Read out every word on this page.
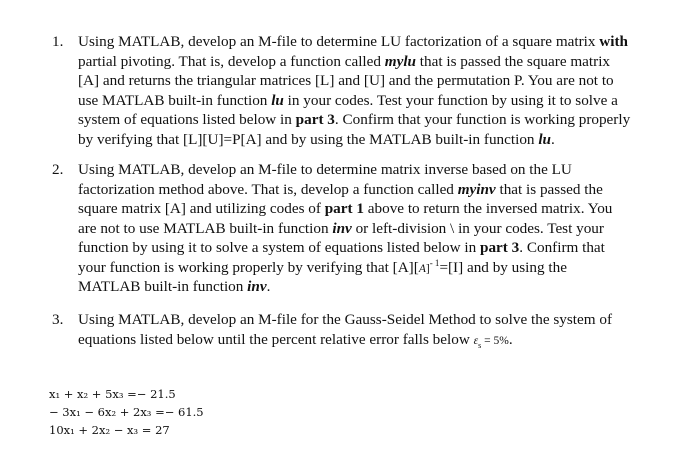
1. Using MATLAB, develop an M-file to determine LU factorization of a square matrix with
partial pivoting. That is, develop a function called mylu that is passed the square matrix
[A] and returns the triangular matrices [L] and [U] and the permutation P. You are not to
use MATLAB built-in function lu in your codes. Test your function by using it to solve a
system of equations listed below in part 3. Confirm that your function is working properly
by verifying that [L][U]=P[A] and by using the MATLAB built-in function lu.
2. Using MATLAB, develop an M-file to determine matrix inverse based on the LU
factorization method above. That is, develop a function called myinv that is passed the
square matrix [A] and utilizing codes of part 1 above to return the inversed matrix. You
are not to use MATLAB built-in function inv or left-division \ in your codes. Test your
function by using it to solve a system of equations listed below in part 3. Confirm that
your function is working properly by verifying that $[A][A]^{- 1}=[I]$ and by using the
MATLAB built-in function inv.
3. Using MATLAB, develop an M-file for the Gauss-Seidel Method to solve the system of
equations listed below until the percent relative error falls below $\varepsilon_s = 5\%$.
x₁ + x₂ + 5x₃ =− 21.5
− 3x₁ − 6x₂ + 2x₃ =− 61.5
10x₁ + 2x₂ − x₃ = 27
